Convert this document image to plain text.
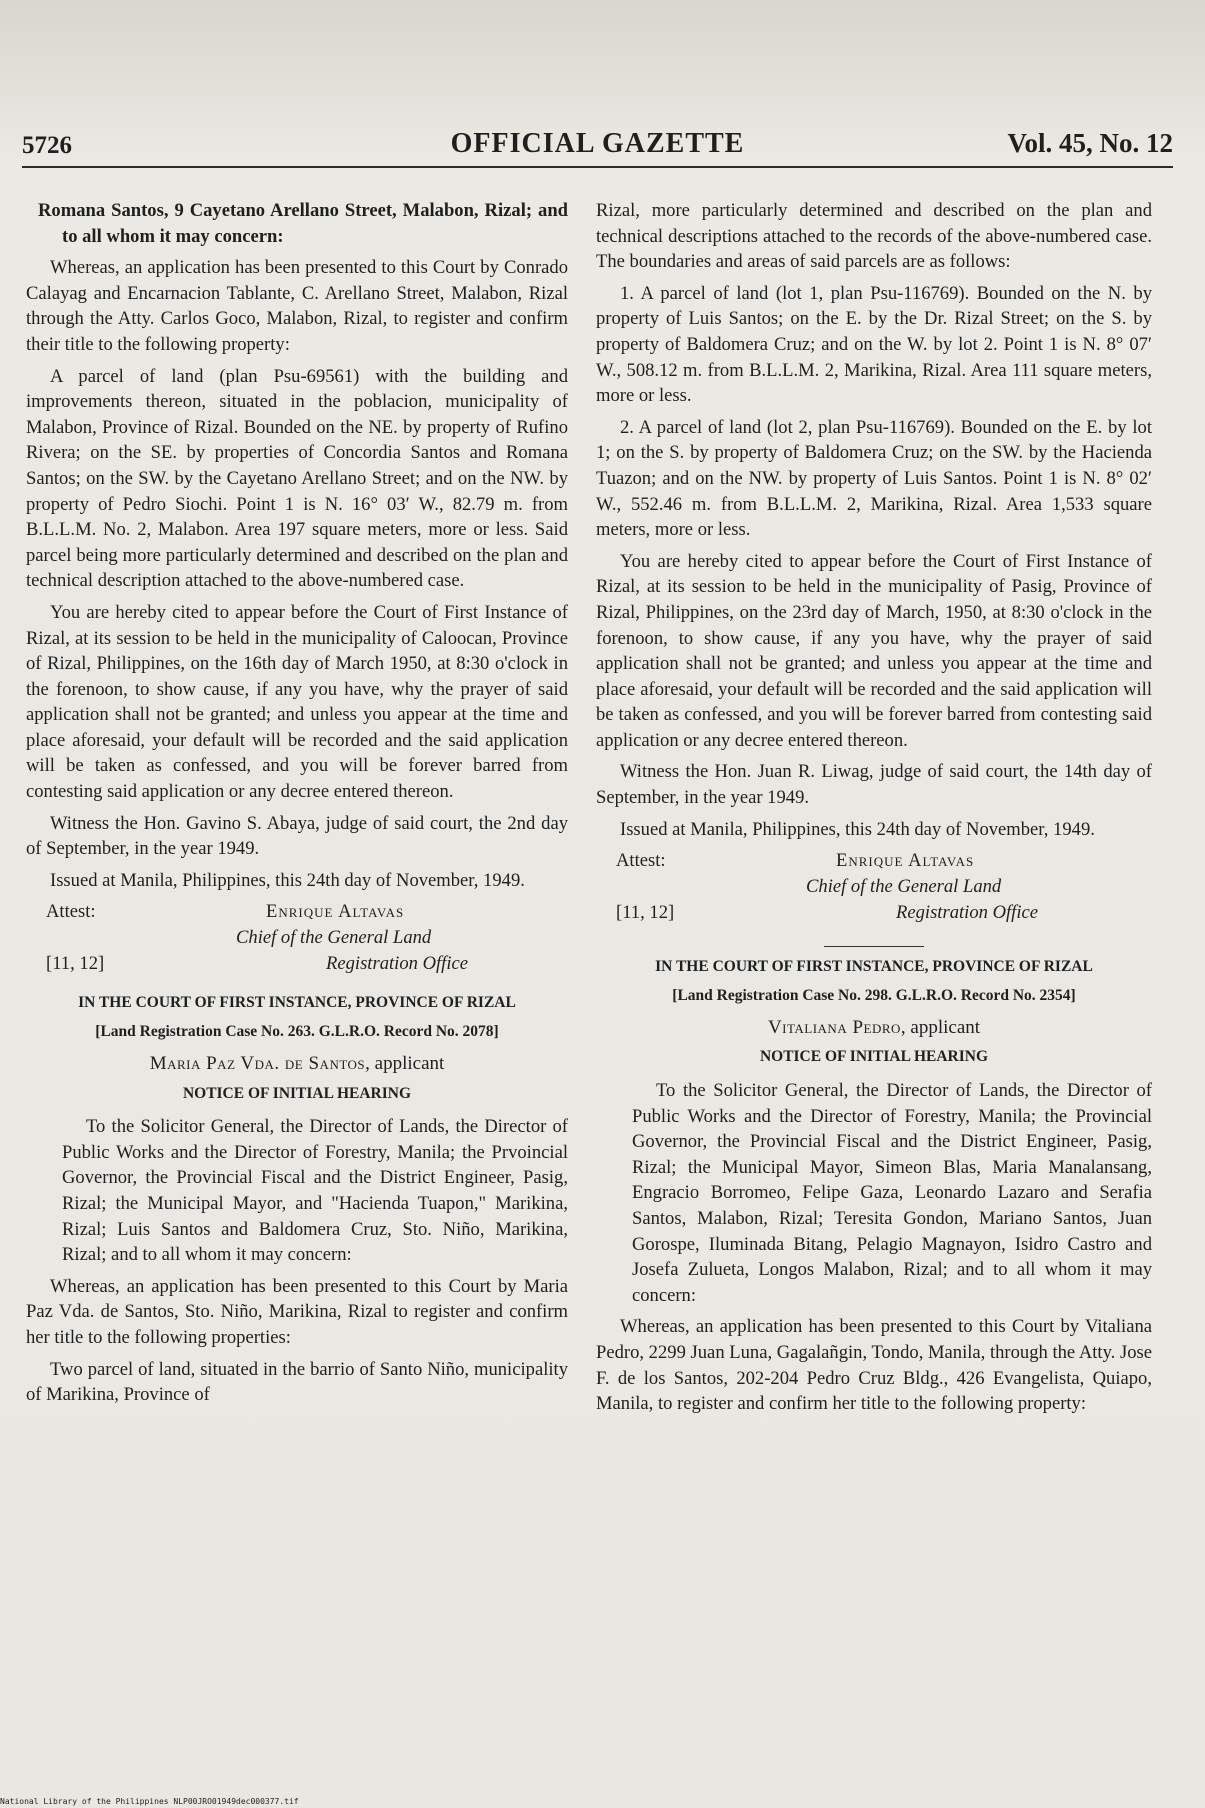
5726	OFFICIAL GAZETTE	Vol. 45, No. 12

Romana Santos, 9 Cayetano Arellano Street, Malabon, Rizal; and to all whom it may concern:

Whereas, an application has been presented to this Court by Conrado Calayag and Encarnacion Tablante, C. Arellano Street, Malabon, Rizal through the Atty. Carlos Goco, Malabon, Rizal, to register and confirm their title to the following property:

A parcel of land (plan Psu-69561) with the building and improvements thereon, situated in the poblacion, municipality of Malabon, Province of Rizal. Bounded on the NE. by property of Rufino Rivera; on the SE. by properties of Concordia Santos and Romana Santos; on the SW. by the Cayetano Arellano Street; and on the NW. by property of Pedro Siochi. Point 1 is N. 16° 03′ W., 82.79 m. from B.L.L.M. No. 2, Malabon. Area 197 square meters, more or less. Said parcel being more particularly determined and described on the plan and technical description attached to the above-numbered case.

You are hereby cited to appear before the Court of First Instance of Rizal, at its session to be held in the municipality of Caloocan, Province of Rizal, Philippines, on the 16th day of March 1950, at 8:30 o'clock in the forenoon, to show cause, if any you have, why the prayer of said application shall not be granted; and unless you appear at the time and place aforesaid, your default will be recorded and the said application will be taken as confessed, and you will be forever barred from contesting said application or any decree entered thereon.

Witness the Hon. Gavino S. Abaya, judge of said court, the 2nd day of September, in the year 1949.

Issued at Manila, Philippines, this 24th day of November, 1949.

Attest:	Enrique Altavas
Chief of the General Land
[11, 12]	Registration Office
IN THE COURT OF FIRST INSTANCE, PROVINCE OF RIZAL
[Land Registration Case No. 263. G.L.R.O. Record No. 2078]
Maria Paz Vda. de Santos, applicant
NOTICE OF INITIAL HEARING

To the Solicitor General, the Director of Lands, the Director of Public Works and the Director of Forestry, Manila; the Prvoincial Governor, the Provincial Fiscal and the District Engineer, Pasig, Rizal; the Municipal Mayor, and "Hacienda Tuapon," Marikina, Rizal; Luis Santos and Baldomera Cruz, Sto. Niño, Marikina, Rizal; and to all whom it may concern:

Whereas, an application has been presented to this Court by Maria Paz Vda. de Santos, Sto. Niño, Marikina, Rizal to register and confirm her title to the following properties:

Two parcel of land, situated in the barrio of Santo Niño, municipality of Marikina, Province of

Rizal, more particularly determined and described on the plan and technical descriptions attached to the records of the above-numbered case. The boundaries and areas of said parcels are as follows:

1. A parcel of land (lot 1, plan Psu-116769). Bounded on the N. by property of Luis Santos; on the E. by the Dr. Rizal Street; on the S. by property of Baldomera Cruz; and on the W. by lot 2. Point 1 is N. 8° 07′ W., 508.12 m. from B.L.L.M. 2, Marikina, Rizal. Area 111 square meters, more or less.

2. A parcel of land (lot 2, plan Psu-116769). Bounded on the E. by lot 1; on the S. by property of Baldomera Cruz; on the SW. by the Hacienda Tuazon; and on the NW. by property of Luis Santos. Point 1 is N. 8° 02′ W., 552.46 m. from B.L.L.M. 2, Marikina, Rizal. Area 1,533 square meters, more or less.

You are hereby cited to appear before the Court of First Instance of Rizal, at its session to be held in the municipality of Pasig, Province of Rizal, Philippines, on the 23rd day of March, 1950, at 8:30 o'clock in the forenoon, to show cause, if any you have, why the prayer of said application shall not be granted; and unless you appear at the time and place aforesaid, your default will be recorded and the said application will be taken as confessed, and you will be forever barred from contesting said application or any decree entered thereon.

Witness the Hon. Juan R. Liwag, judge of said court, the 14th day of September, in the year 1949.

Issued at Manila, Philippines, this 24th day of November, 1949.

Attest:	Enrique Altavas
Chief of the General Land
[11, 12]	Registration Office
IN THE COURT OF FIRST INSTANCE, PROVINCE OF RIZAL
[Land Registration Case No. 298. G.L.R.O. Record No. 2354]
Vitaliana Pedro, applicant
NOTICE OF INITIAL HEARING

To the Solicitor General, the Director of Lands, the Director of Public Works and the Director of Forestry, Manila; the Provincial Governor, the Provincial Fiscal and the District Engineer, Pasig, Rizal; the Municipal Mayor, Simeon Blas, Maria Manalansang, Engracio Borromeo, Felipe Gaza, Leonardo Lazaro and Serafia Santos, Malabon, Rizal; Teresita Gondon, Mariano Santos, Juan Gorospe, Iluminada Bitang, Pelagio Magnayon, Isidro Castro and Josefa Zulueta, Longos Malabon, Rizal; and to all whom it may concern:

Whereas, an application has been presented to this Court by Vitaliana Pedro, 2299 Juan Luna, Gagalañgin, Tondo, Manila, through the Atty. Jose F. de los Santos, 202-204 Pedro Cruz Bldg., 426 Evangelista, Quiapo, Manila, to register and confirm her title to the following property:

National Library of the Philippines NLP00JRO01949dec000377.tif
